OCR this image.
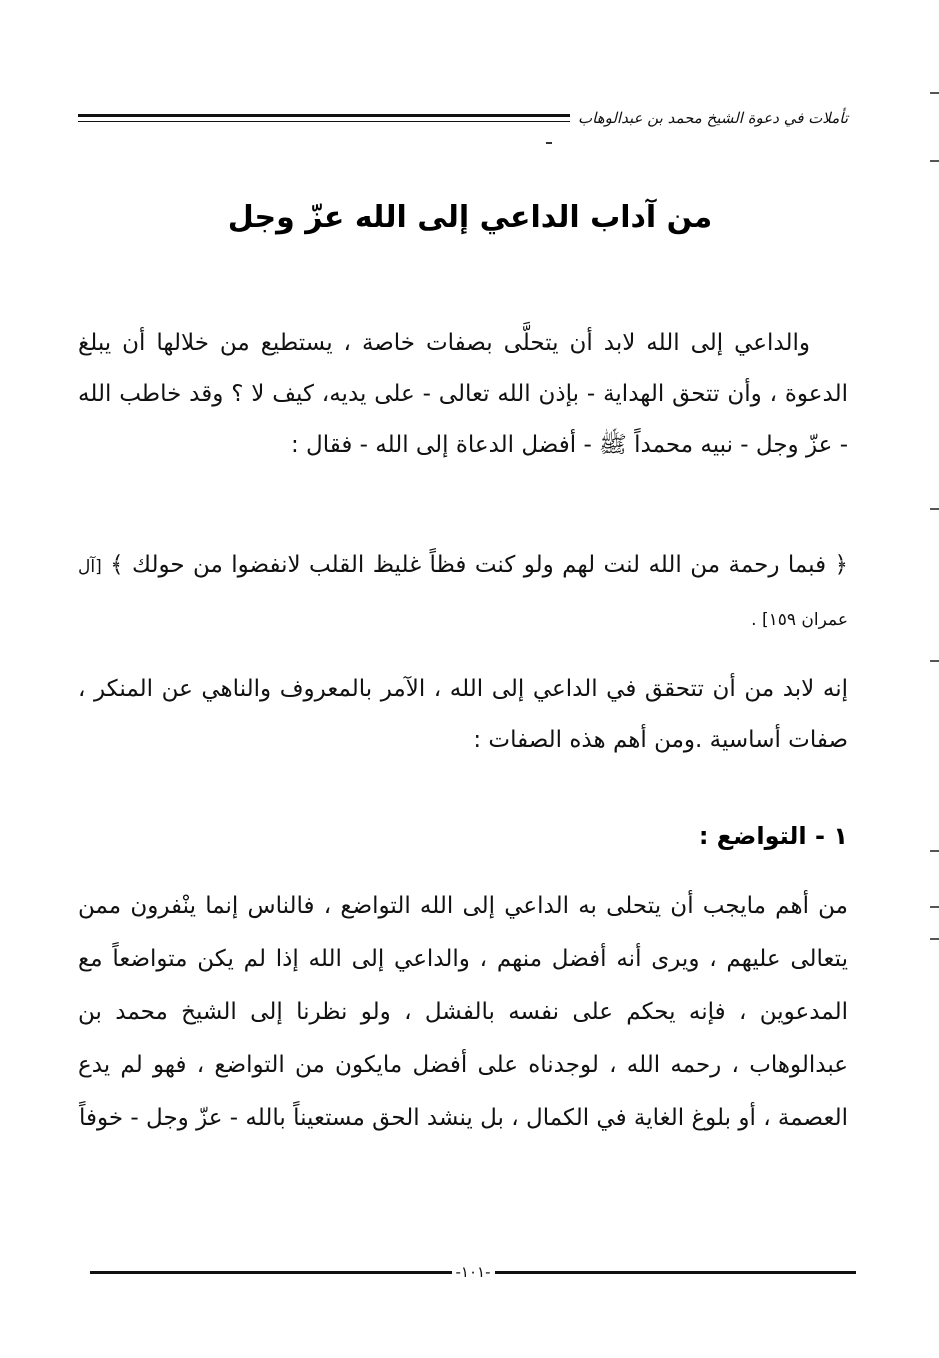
تأملات في دعوة الشيخ محمد بن عبدالوهاب
من آداب الداعي إلى الله عزّ وجل
والداعي إلى الله لابد أن يتحلَّى بصفات خاصة ، يستطيع من خلالها أن يبلغ الدعوة ، وأن تتحق الهداية - بإذن الله تعالى - على يديه، كيف لا ؟ وقد خاطب الله - عزّ وجل - نبيه محمداً ﷺ - أفضل الدعاة إلى الله - فقال :
﴿ فبما رحمة من الله لنت لهم ولو كنت فظاً غليظ القلب لانفضوا من حولك ﴾ [آل عمران ١٥٩] .
إنه لابد من أن تتحقق في الداعي إلى الله ، الآمر بالمعروف والناهي عن المنكر ، صفات أساسية .ومن أهم هذه الصفات :
١ - التواضع :
من أهم مايجب أن يتحلى به الداعي إلى الله التواضع ، فالناس إنما ينْفرون ممن يتعالى عليهم ، ويرى أنه أفضل منهم ، والداعي إلى الله إذا لم يكن متواضعاً مع المدعوين ، فإنه يحكم على نفسه بالفشل ، ولو نظرنا إلى الشيخ محمد بن عبدالوهاب ، رحمه الله ، لوجدناه على أفضل مايكون من التواضع ، فهو لم يدع العصمة ، أو بلوغ الغاية في الكمال ، بل ينشد الحق مستعيناً بالله - عزّ وجل - خوفاً
-١٠١-
